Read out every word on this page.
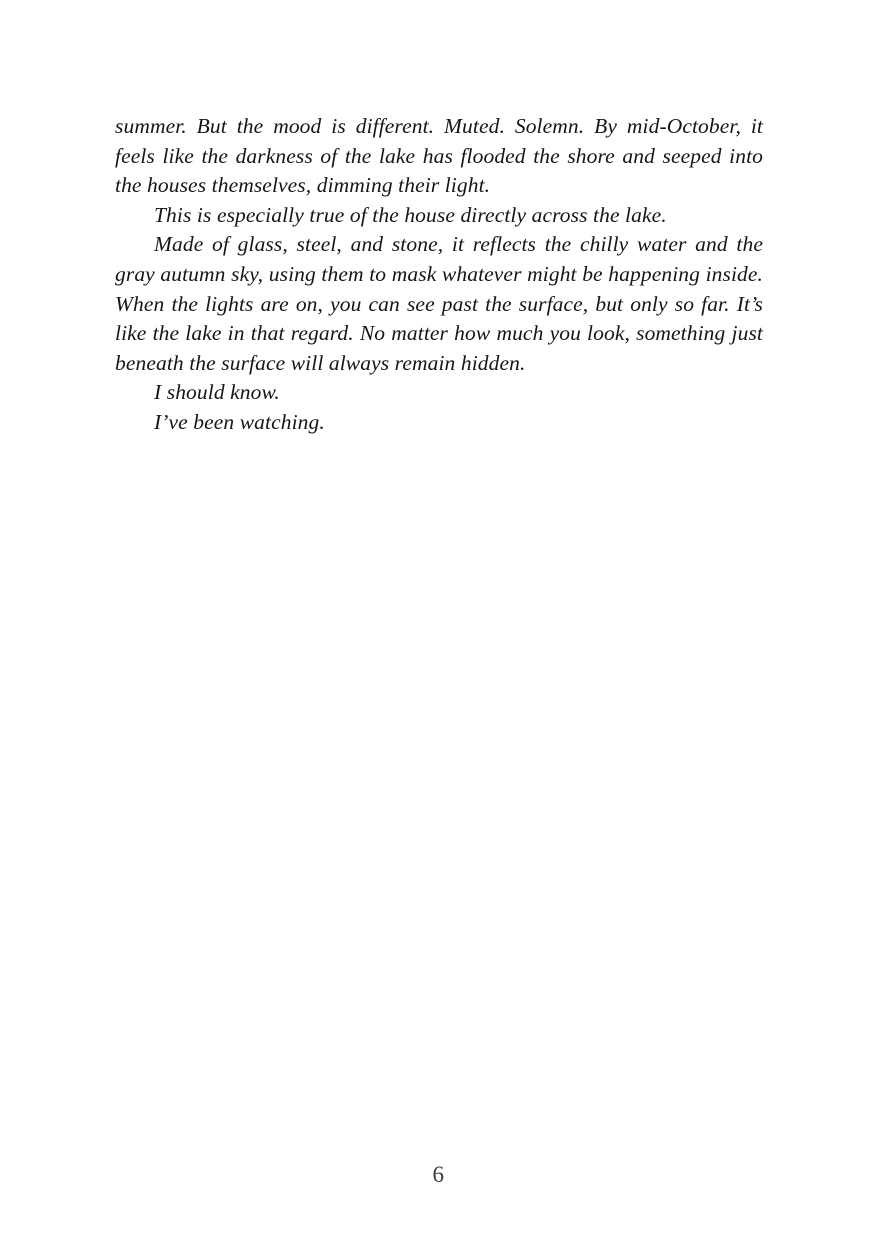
summer. But the mood is different. Muted. Solemn. By mid-October, it feels like the darkness of the lake has flooded the shore and seeped into the houses themselves, dimming their light.

This is especially true of the house directly across the lake.

Made of glass, steel, and stone, it reflects the chilly water and the gray autumn sky, using them to mask whatever might be happening inside. When the lights are on, you can see past the surface, but only so far. It’s like the lake in that regard. No matter how much you look, something just beneath the surface will always remain hidden.

I should know.

I’ve been watching.

6
